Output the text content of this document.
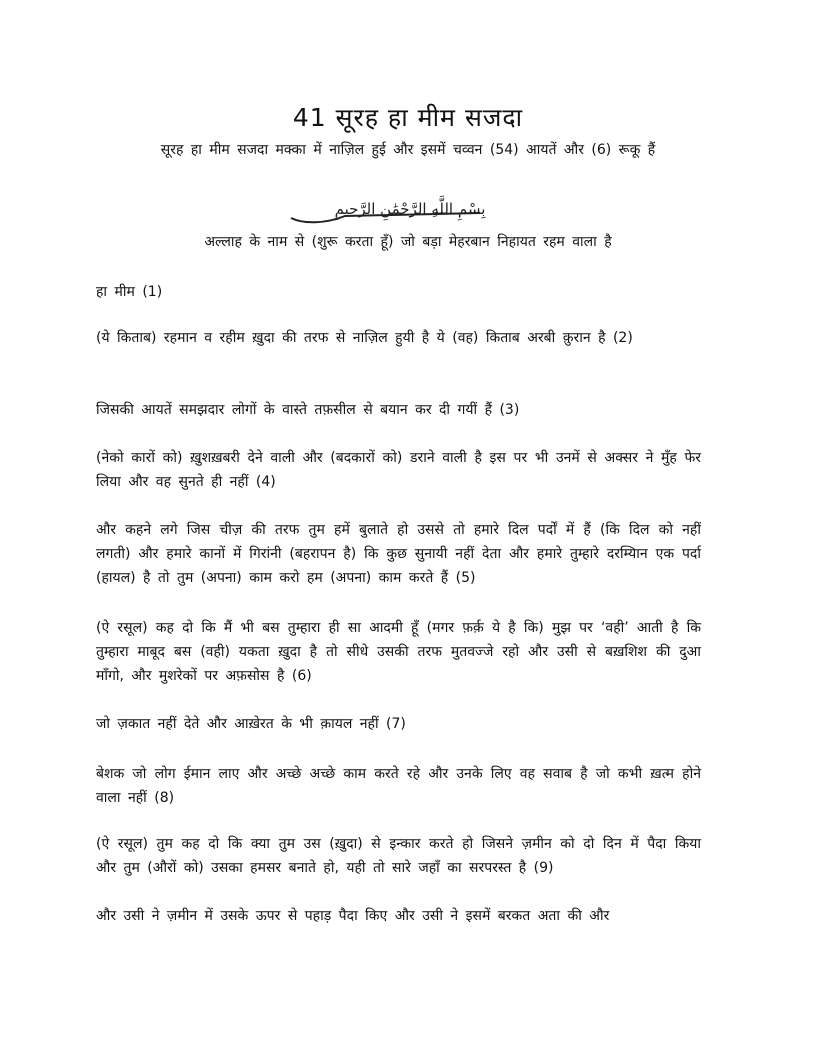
41 सूरह हा मीम सजदा
सूरह हा मीम सजदा मक्का में नाज़िल हुई और इसमें चव्वन (54) आयतें और (6) रूकू हैं
بِسْمِ اللَّهِ الرَّحْمَٰنِ الرَّحِيمِ
अल्लाह के नाम से (शुरू करता हूँ) जो बड़ा मेहरबान निहायत रहम वाला है

हा मीम (1)

(ये किताब) रहमान व रहीम ख़ुदा की तरफ से नाज़िल हुयी है ये (वह) किताब अरबी क़ुरान है (2)

जिसकी आयतें समझदार लोगों के वास्ते तफ़सील से बयान कर दी गयीं हैं (3)

(नेको कारों को) ख़ुशख़बरी देने वाली और (बदकारों को) डराने वाली है इस पर भी उनमें से अक्सर ने मुँह फेर लिया और वह सुनते ही नहीं (4)

और कहने लगे जिस चीज़ की तरफ तुम हमें बुलाते हो उससे तो हमारे दिल पर्दों में हैं (कि दिल को नहीं लगती) और हमारे कानों में गिरांनी (बहरापन है) कि कुछ सुनायी नहीं देता और हमारे तुम्हारे दरम्यिान एक पर्दा (हायल) है तो तुम (अपना) काम करो हम (अपना) काम करते हैं (5)

(ऐ रसूल) कह दो कि मैं भी बस तुम्हारा ही सा आदमी हूँ (मगर फ़र्क़ ये है कि) मुझ पर ‘वही’ आती है कि तुम्हारा माबूद बस (वही) यकता ख़ुदा है तो सीधे उसकी तरफ मुतवज्जे रहो और उसी से बख़शिश की दुआ माँगो, और मुशरेकों पर अफ़सोस है (6)

जो ज़कात नहीं देते और आख़ेरत के भी क़ायल नहीं (7)

बेशक जो लोग ईमान लाए और अच्छे अच्छे काम करते रहे और उनके लिए वह सवाब है जो कभी ख़त्म होने वाला नहीं (8)

(ऐ रसूल) तुम कह दो कि क्या तुम उस (ख़ुदा) से इन्कार करते हो जिसने ज़मीन को दो दिन में पैदा किया और तुम (औरों को) उसका हमसर बनाते हो, यही तो सारे जहाँ का सरपरस्त है (9)

और उसी ने ज़मीन में उसके ऊपर से पहाड़ पैदा किए और उसी ने इसमें बरकत अता की और
